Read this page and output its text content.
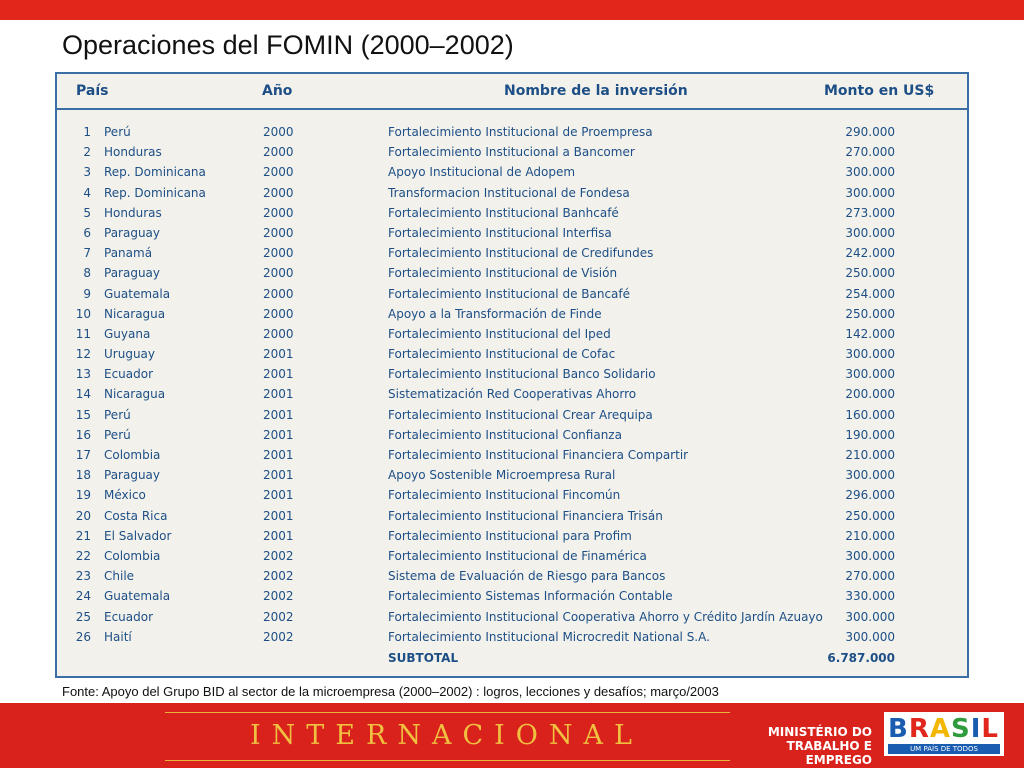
Operaciones del FOMIN (2000–2002)
País	Año	Nombre de la inversión	Monto en US$
1 Perú	2000	Fortalecimiento Institucional de Proempresa	290.000
2 Honduras	2000	Fortalecimiento Institucional a Bancomer	270.000
3 Rep. Dominicana	2000	Apoyo Institucional de Adopem	300.000
4 Rep. Dominicana	2000	Transformacion Institucional de Fondesa	300.000
5 Honduras	2000	Fortalecimiento Institucional Banhcafé	273.000
6 Paraguay	2000	Fortalecimiento Institucional Interfisa	300.000
7 Panamá	2000	Fortalecimiento Institucional de Credifundes	242.000
8 Paraguay	2000	Fortalecimiento Institucional de Visión	250.000
9 Guatemala	2000	Fortalecimiento Institucional de Bancafé	254.000
10 Nicaragua	2000	Apoyo a la Transformación de Finde	250.000
11 Guyana	2000	Fortalecimiento Institucional del Iped	142.000
12 Uruguay	2001	Fortalecimiento Institucional de Cofac	300.000
13 Ecuador	2001	Fortalecimiento Institucional Banco Solidario	300.000
14 Nicaragua	2001	Sistematización Red Cooperativas Ahorro	200.000
15 Perú	2001	Fortalecimiento Institucional Crear Arequipa	160.000
16 Perú	2001	Fortalecimiento Institucional Confianza	190.000
17 Colombia	2001	Fortalecimiento Institucional Financiera Compartir	210.000
18 Paraguay	2001	Apoyo Sostenible Microempresa Rural	300.000
19 México	2001	Fortalecimiento Institucional Fincomún	296.000
20 Costa Rica	2001	Fortalecimiento Institucional Financiera Trisán	250.000
21 El Salvador	2001	Fortalecimiento Institucional para Profim	210.000
22 Colombia	2002	Fortalecimiento Institucional de Finamérica	300.000
23 Chile	2002	Sistema de Evaluación de Riesgo para Bancos	270.000
24 Guatemala	2002	Fortalecimiento Sistemas Información Contable	330.000
25 Ecuador	2002	Fortalecimiento Institucional Cooperativa Ahorro y Crédito Jardín Azuayo	300.000
26 Haití	2002	Fortalecimiento Institucional Microcredit National S.A.	300.000
SUBTOTAL	6.787.000
Fonte: Apoyo del Grupo BID al sector de la microempresa (2000–2002) : logros, lecciones y desafíos; março/2003
INTERNACIONAL	MINISTÉRIO DO
TRABALHO E EMPREGO
BRASIL
UM PAÍS DE TODOS
